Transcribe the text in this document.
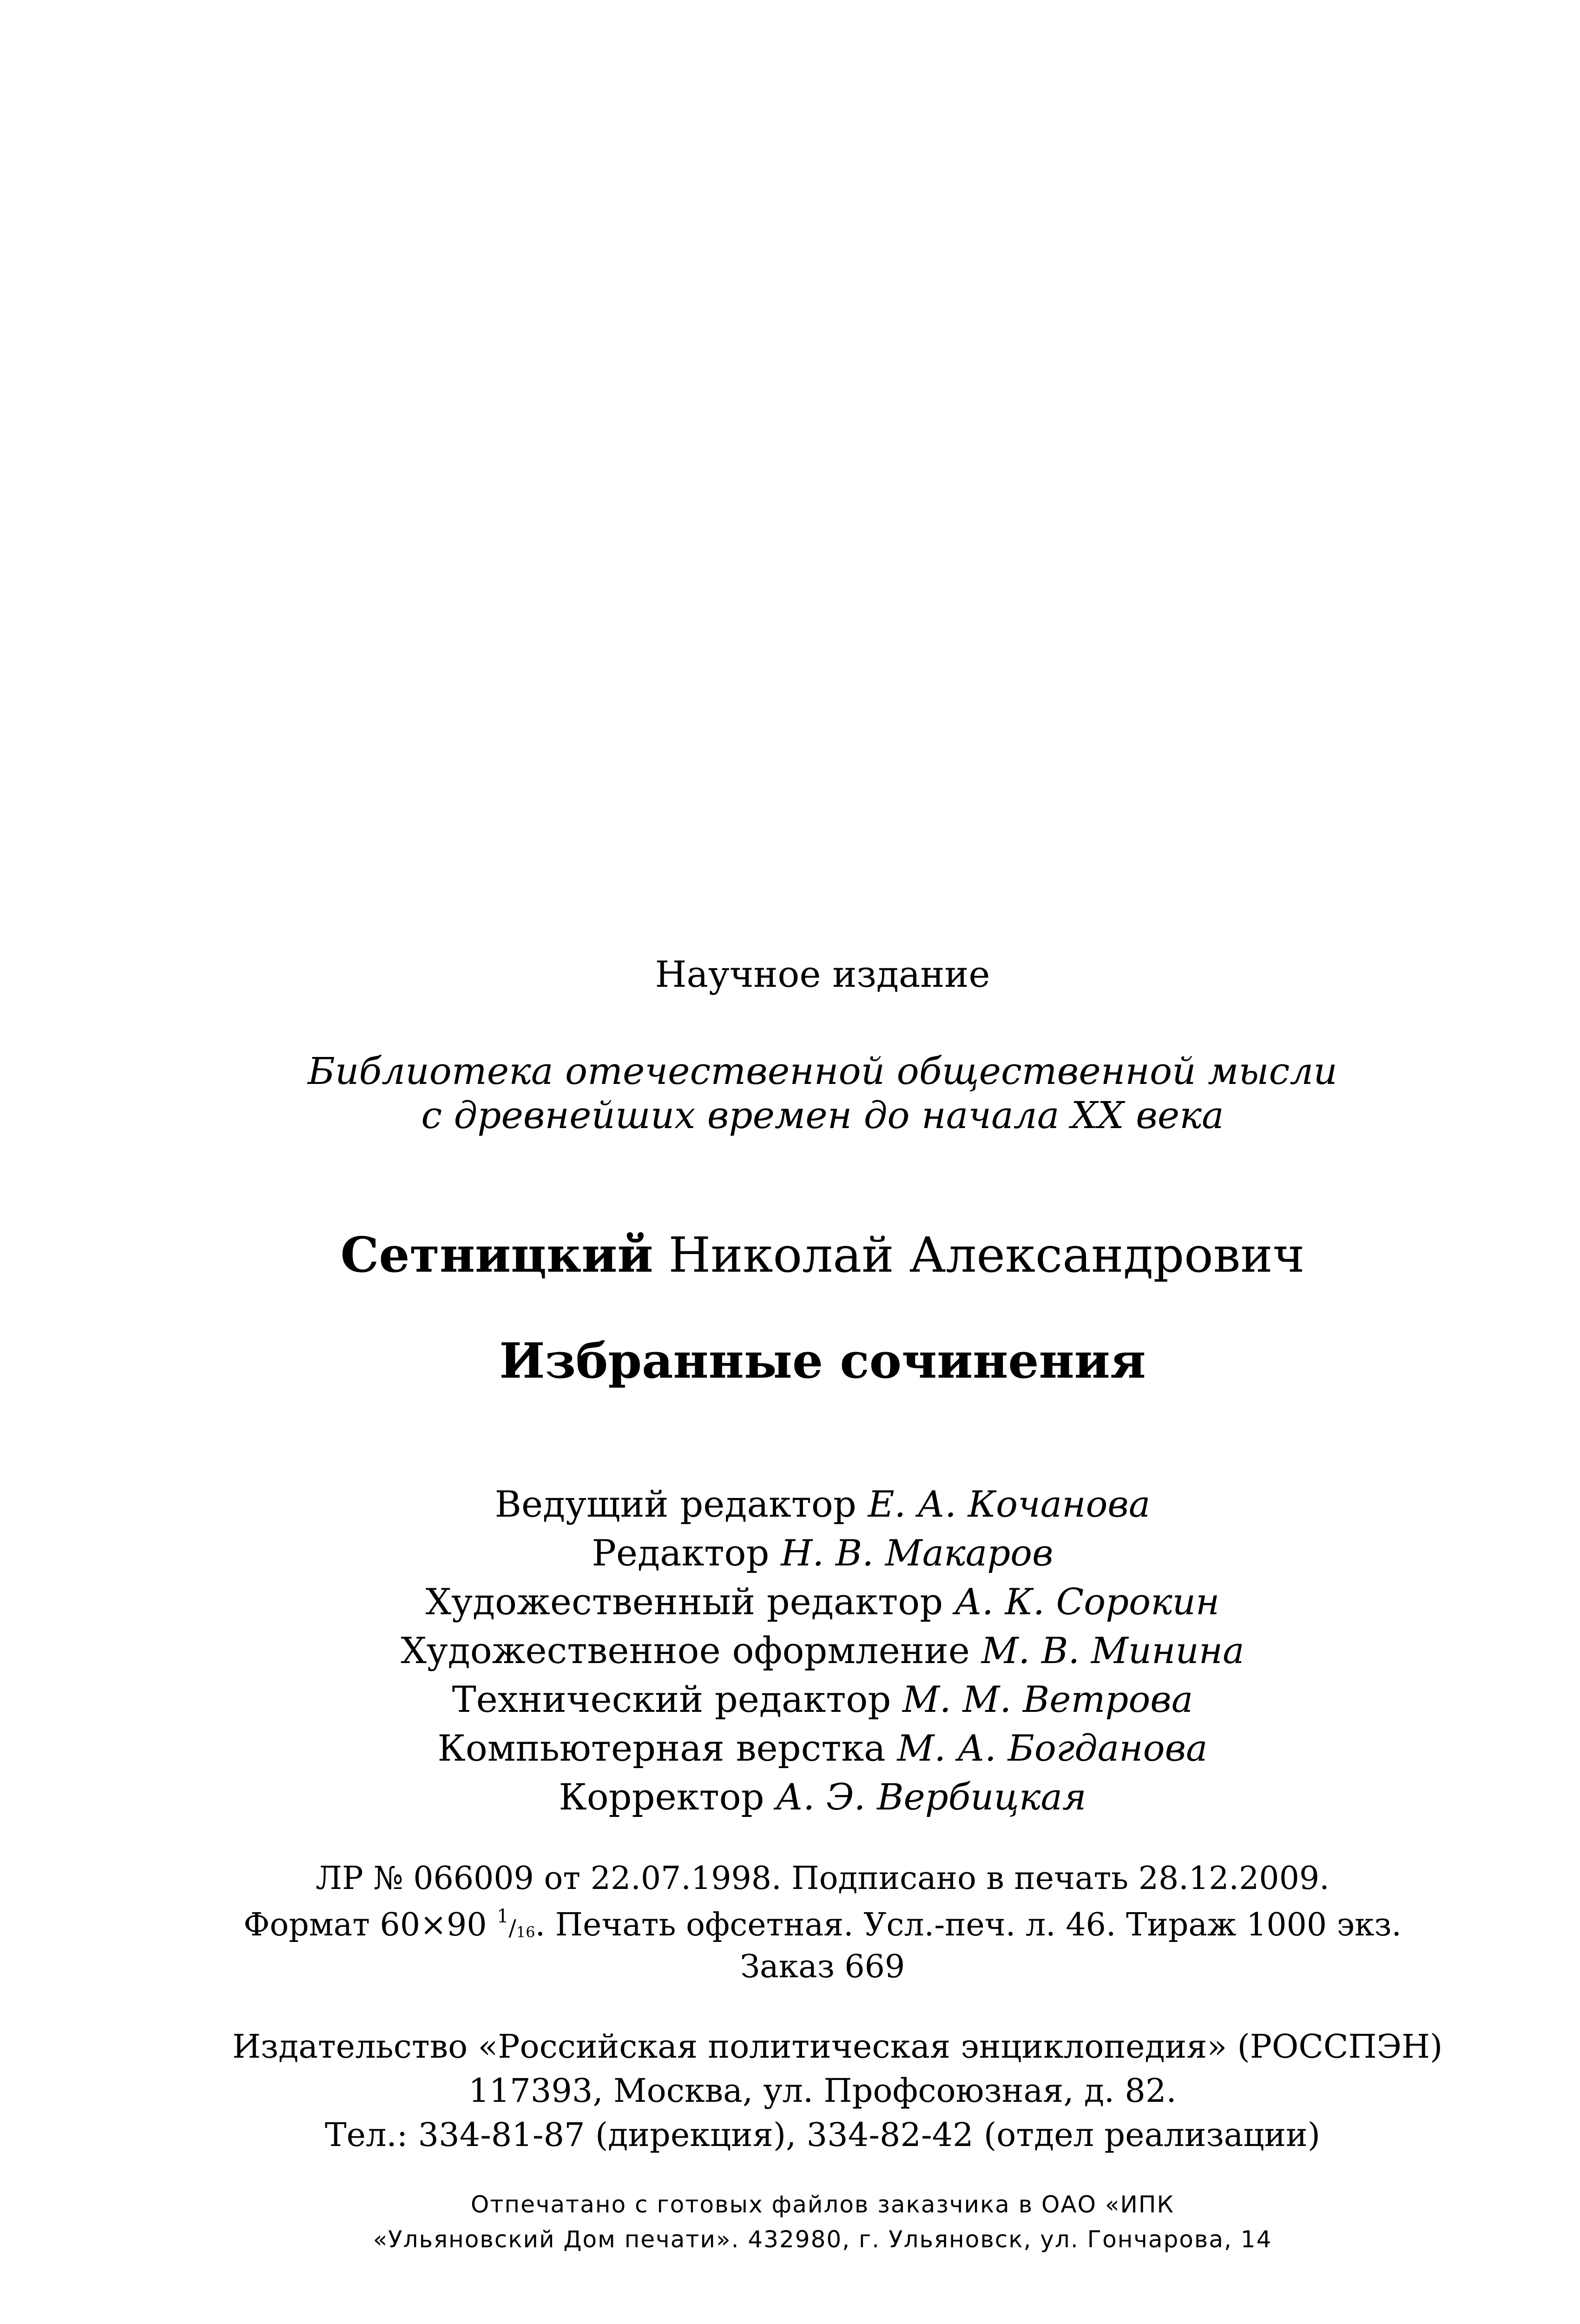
Научное издание
Библиотека отечественной общественной мысли
с древнейших времен до начала XX века
Сетницкий Николай Александрович
Избранные сочинения
Ведущий редактор Е. А. Кочанова
Редактор Н. В. Макаров
Художественный редактор А. К. Сорокин
Художественное оформление М. В. Минина
Технический редактор М. М. Ветрова
Компьютерная верстка М. А. Богданова
Корректор А. Э. Вербицкая
ЛР № 066009 от 22.07.1998. Подписано в печать 28.12.2009.
Формат 60×90 $^1/_{16}$. Печать офсетная. Усл.-печ. л. 46. Тираж 1000 экз.
Заказ 669
Издательство «Российская политическая энциклопедия» (РОССПЭН)
117393, Москва, ул. Профсоюзная, д. 82.
Тел.: 334-81-87 (дирекция), 334-82-42 (отдел реализации)
Отпечатано с готовых файлов заказчика в ОАО «ИПК
«Ульяновский Дом печати». 432980, г. Ульяновск, ул. Гончарова, 14
